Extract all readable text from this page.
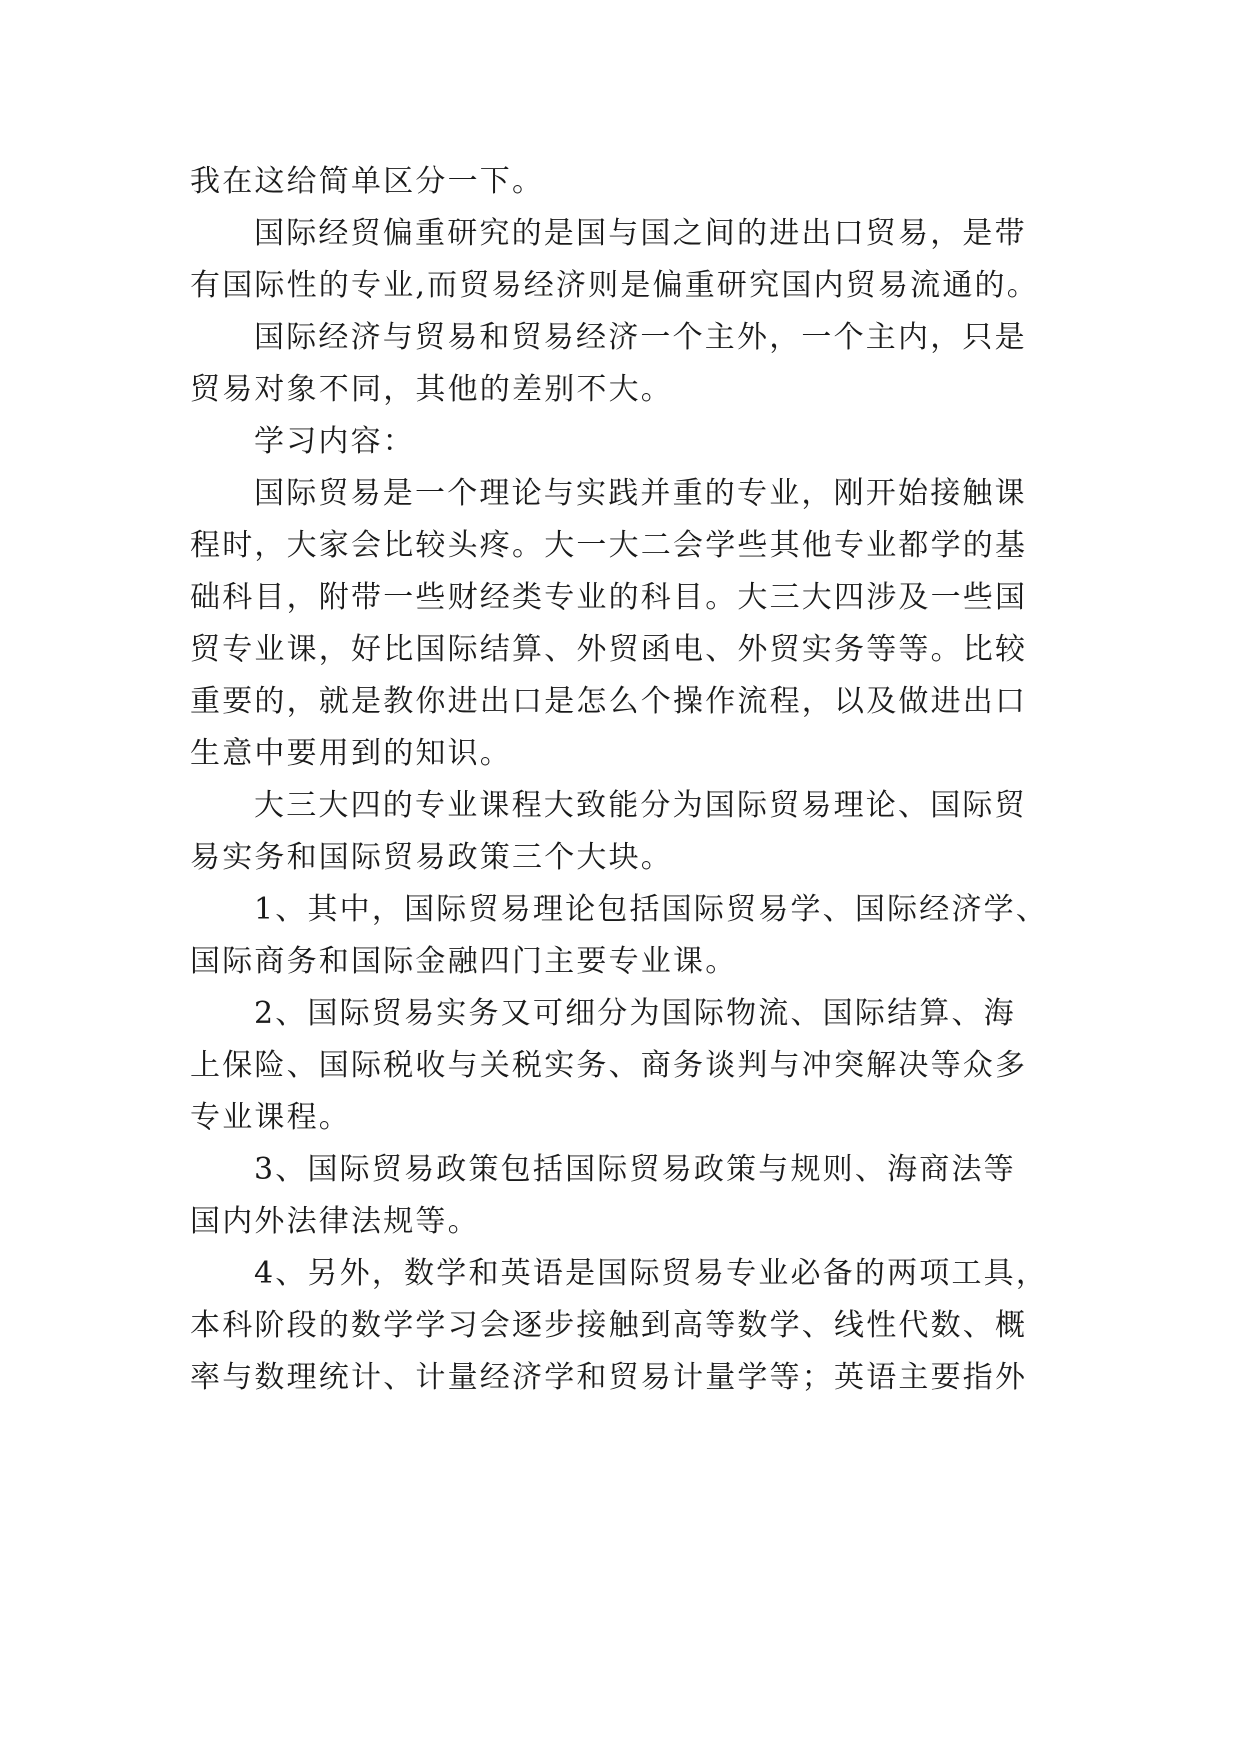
我在这给简单区分一下。
国际经贸偏重研究的是国与国之间的进出口贸易，是带
有国际性的专业,而贸易经济则是偏重研究国内贸易流通的。
国际经济与贸易和贸易经济一个主外，一个主内，只是
贸易对象不同，其他的差别不大。
学习内容：
国际贸易是一个理论与实践并重的专业，刚开始接触课
程时，大家会比较头疼。大一大二会学些其他专业都学的基
础科目，附带一些财经类专业的科目。大三大四涉及一些国
贸专业课，好比国际结算、外贸函电、外贸实务等等。比较
重要的，就是教你进出口是怎么个操作流程，以及做进出口
生意中要用到的知识。
大三大四的专业课程大致能分为国际贸易理论、国际贸
易实务和国际贸易政策三个大块。
1、其中，国际贸易理论包括国际贸易学、国际经济学、
国际商务和国际金融四门主要专业课。
2、国际贸易实务又可细分为国际物流、国际结算、海
上保险、国际税收与关税实务、商务谈判与冲突解决等众多
专业课程。
3、国际贸易政策包括国际贸易政策与规则、海商法等
国内外法律法规等。
4、另外，数学和英语是国际贸易专业必备的两项工具，
本科阶段的数学学习会逐步接触到高等数学、线性代数、概
率与数理统计、计量经济学和贸易计量学等；英语主要指外
